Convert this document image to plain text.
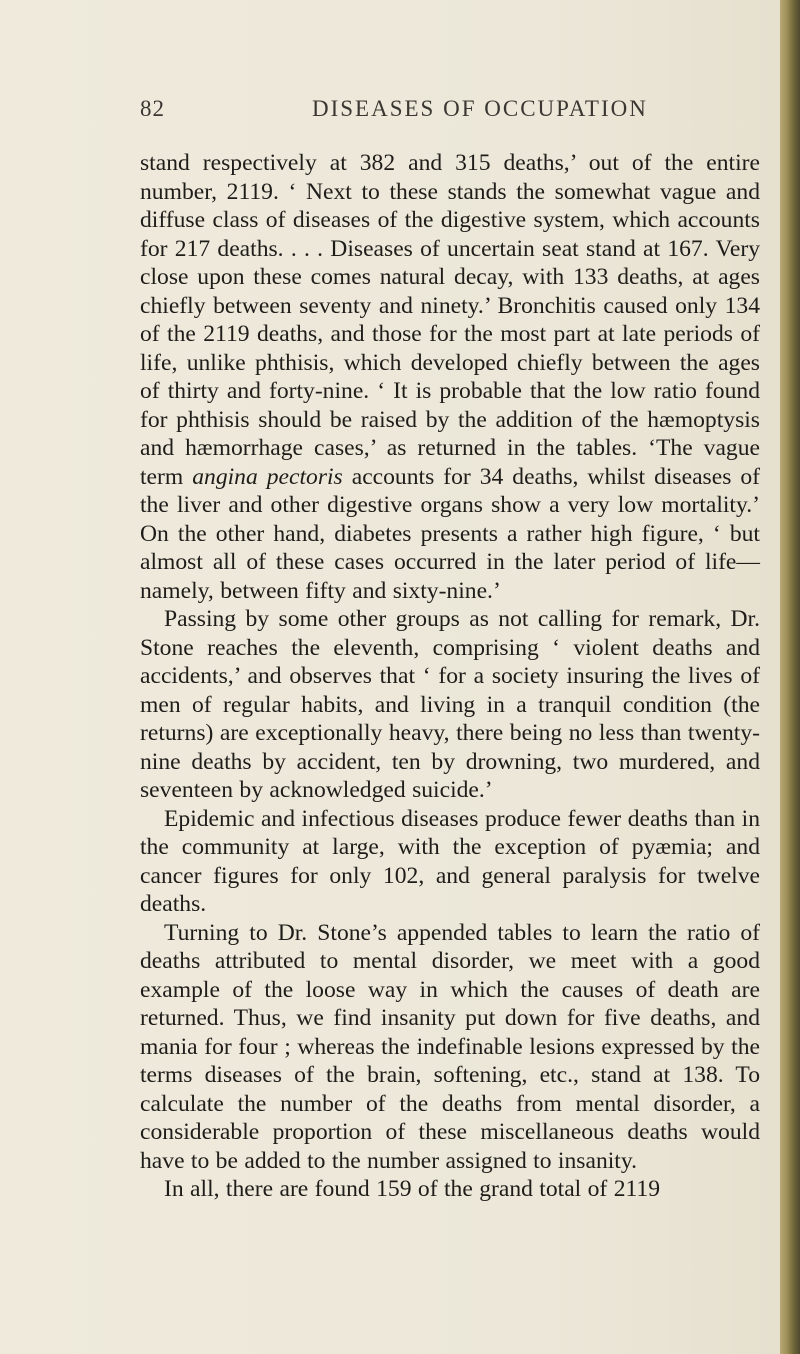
82	DISEASES OF OCCUPATION

stand respectively at 382 and 315 deaths,’ out of the entire number, 2119. ‘ Next to these stands the somewhat vague and diffuse class of diseases of the digestive system, which accounts for 217 deaths. . . . Diseases of uncertain seat stand at 167. Very close upon these comes natural decay, with 133 deaths, at ages chiefly between seventy and ninety.’ Bronchitis caused only 134 of the 2119 deaths, and those for the most part at late periods of life, unlike phthisis, which developed chiefly between the ages of thirty and forty-nine. ‘ It is probable that the low ratio found for phthisis should be raised by the addition of the hæmoptysis and hæmorrhage cases,’ as returned in the tables. ‘The vague term angina pectoris accounts for 34 deaths, whilst diseases of the liver and other digestive organs show a very low mortality.’ On the other hand, diabetes presents a rather high figure, ‘ but almost all of these cases occurred in the later period of life—namely, between fifty and sixty-nine.’

Passing by some other groups as not calling for remark, Dr. Stone reaches the eleventh, comprising ‘ violent deaths and accidents,’ and observes that ‘ for a society insuring the lives of men of regular habits, and living in a tranquil condition (the returns) are exceptionally heavy, there being no less than twenty-nine deaths by accident, ten by drowning, two murdered, and seventeen by acknowledged suicide.’

Epidemic and infectious diseases produce fewer deaths than in the community at large, with the exception of pyæmia; and cancer figures for only 102, and general paralysis for twelve deaths.

Turning to Dr. Stone’s appended tables to learn the ratio of deaths attributed to mental disorder, we meet with a good example of the loose way in which the causes of death are returned. Thus, we find insanity put down for five deaths, and mania for four ; whereas the indefinable lesions expressed by the terms diseases of the brain, softening, etc., stand at 138. To calculate the number of the deaths from mental disorder, a considerable proportion of these miscellaneous deaths would have to be added to the number assigned to insanity.

In all, there are found 159 of the grand total of 2119
